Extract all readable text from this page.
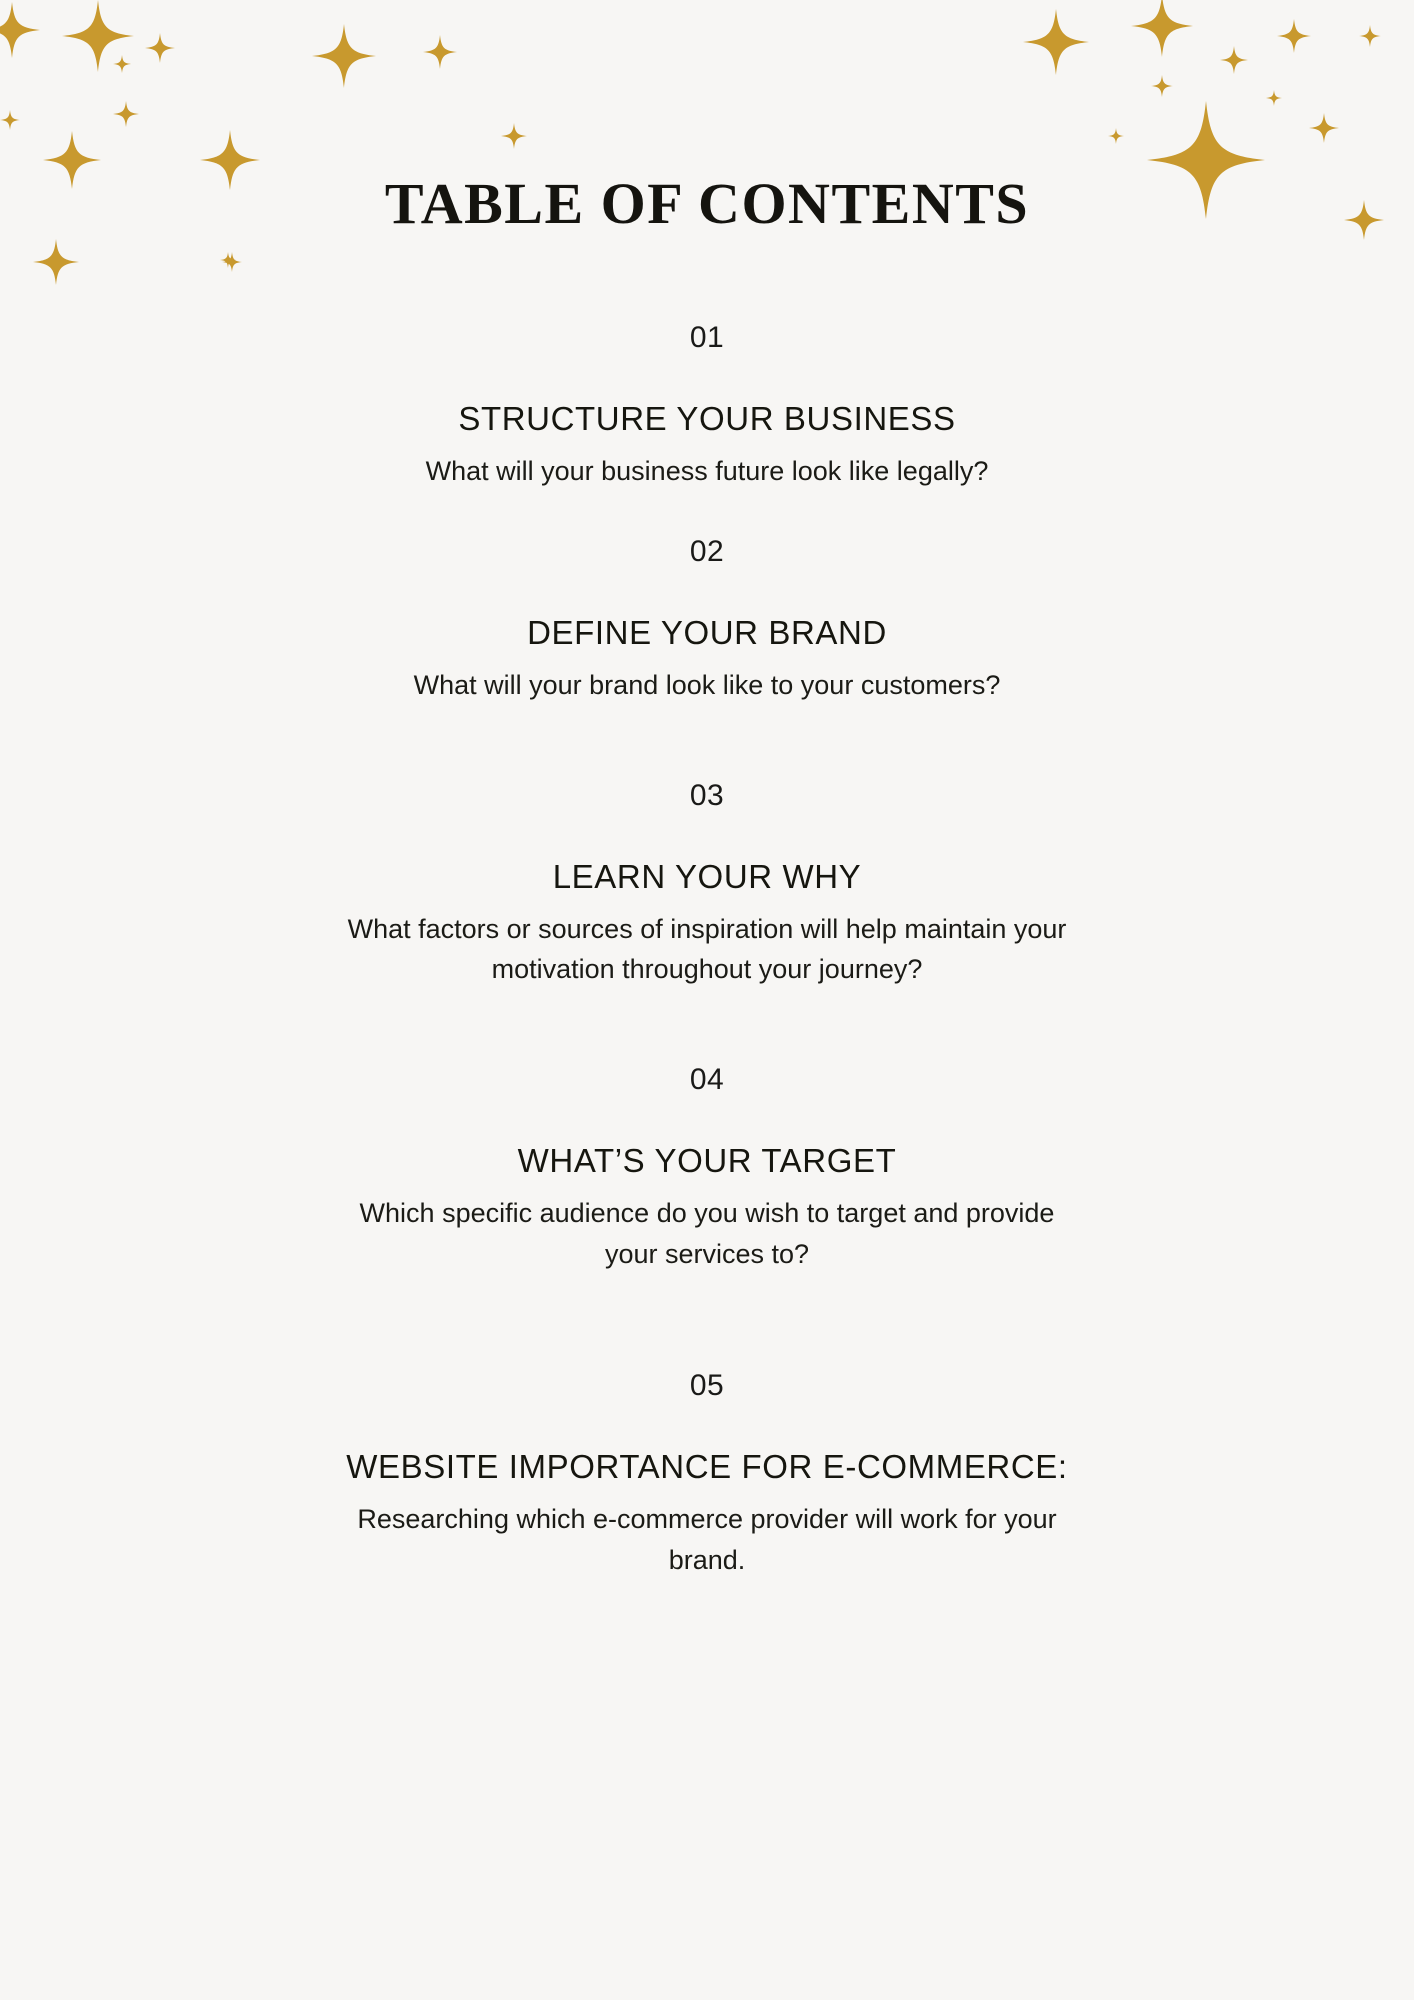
TABLE OF CONTENTS
01
STRUCTURE YOUR BUSINESS
What will your business future look like legally?
02
DEFINE YOUR BRAND
What will your brand look like to your customers?
03
LEARN YOUR WHY
What factors or sources of inspiration will help maintain your motivation throughout your journey?
04
WHAT’S YOUR TARGET
Which specific audience do you wish to target and provide your services to?
05
WEBSITE IMPORTANCE FOR E-COMMERCE:
Researching which e-commerce provider will work for your brand.
